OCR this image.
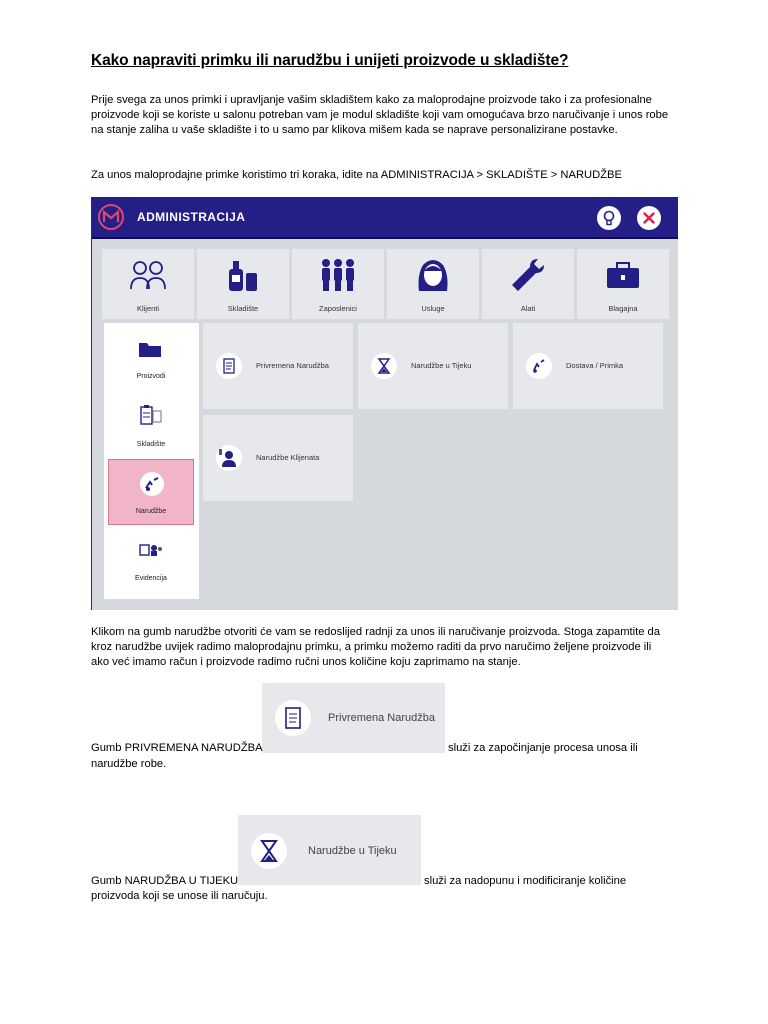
Kako napraviti primku ili narudžbu i unijeti proizvode u skladište?

Prije svega za unos primki i upravljanje vašim skladištem kako za maloprodajne proizvode tako i za profesionalne proizvode koji se koriste u salonu potreban vam je modul skladište koji vam omogućava brzo naručivanje i unos robe na stanje zaliha u vaše skladište i to u samo par klikova mišem kada se naprave personalizirane postavke.

Za unos maloprodajne primke koristimo tri koraka, idite na ADMINISTRACIJA > SKLADIŠTE > NARUDŽBE

ADMINISTRACIJA
Klijenti	Skladište	Zaposlenici	Usluge	Alati	Blagajna
Proizvodi
Skladište
Narudžbe
Evidencija
Privremena Narudžba	Narudžbe u Tijeku	Dostava / Primka
Narudžbe Klijenata

Klikom na gumb narudžbe otvoriti će vam se redoslijed radnji za unos ili naručivanje proizvoda. Stoga zapamtite da kroz narudžbe uvijek radimo maloprodajnu primku, a primku možemo raditi da prvo naručimo željene proizvode ili ako već imamo račun i proizvode radimo ručni unos količine koju zaprimamo na stanje.

Privremena Narudžba
Gumb PRIVREMENA NARUDŽBA	služi za započinjanje procesa unosa ili
narudžbe robe.
Narudžbe u Tijeku
Gumb NARUDŽBA U TIJEKU	služi za nadopunu i modificiranje količine
proizvoda koji se unose ili naručuju.
